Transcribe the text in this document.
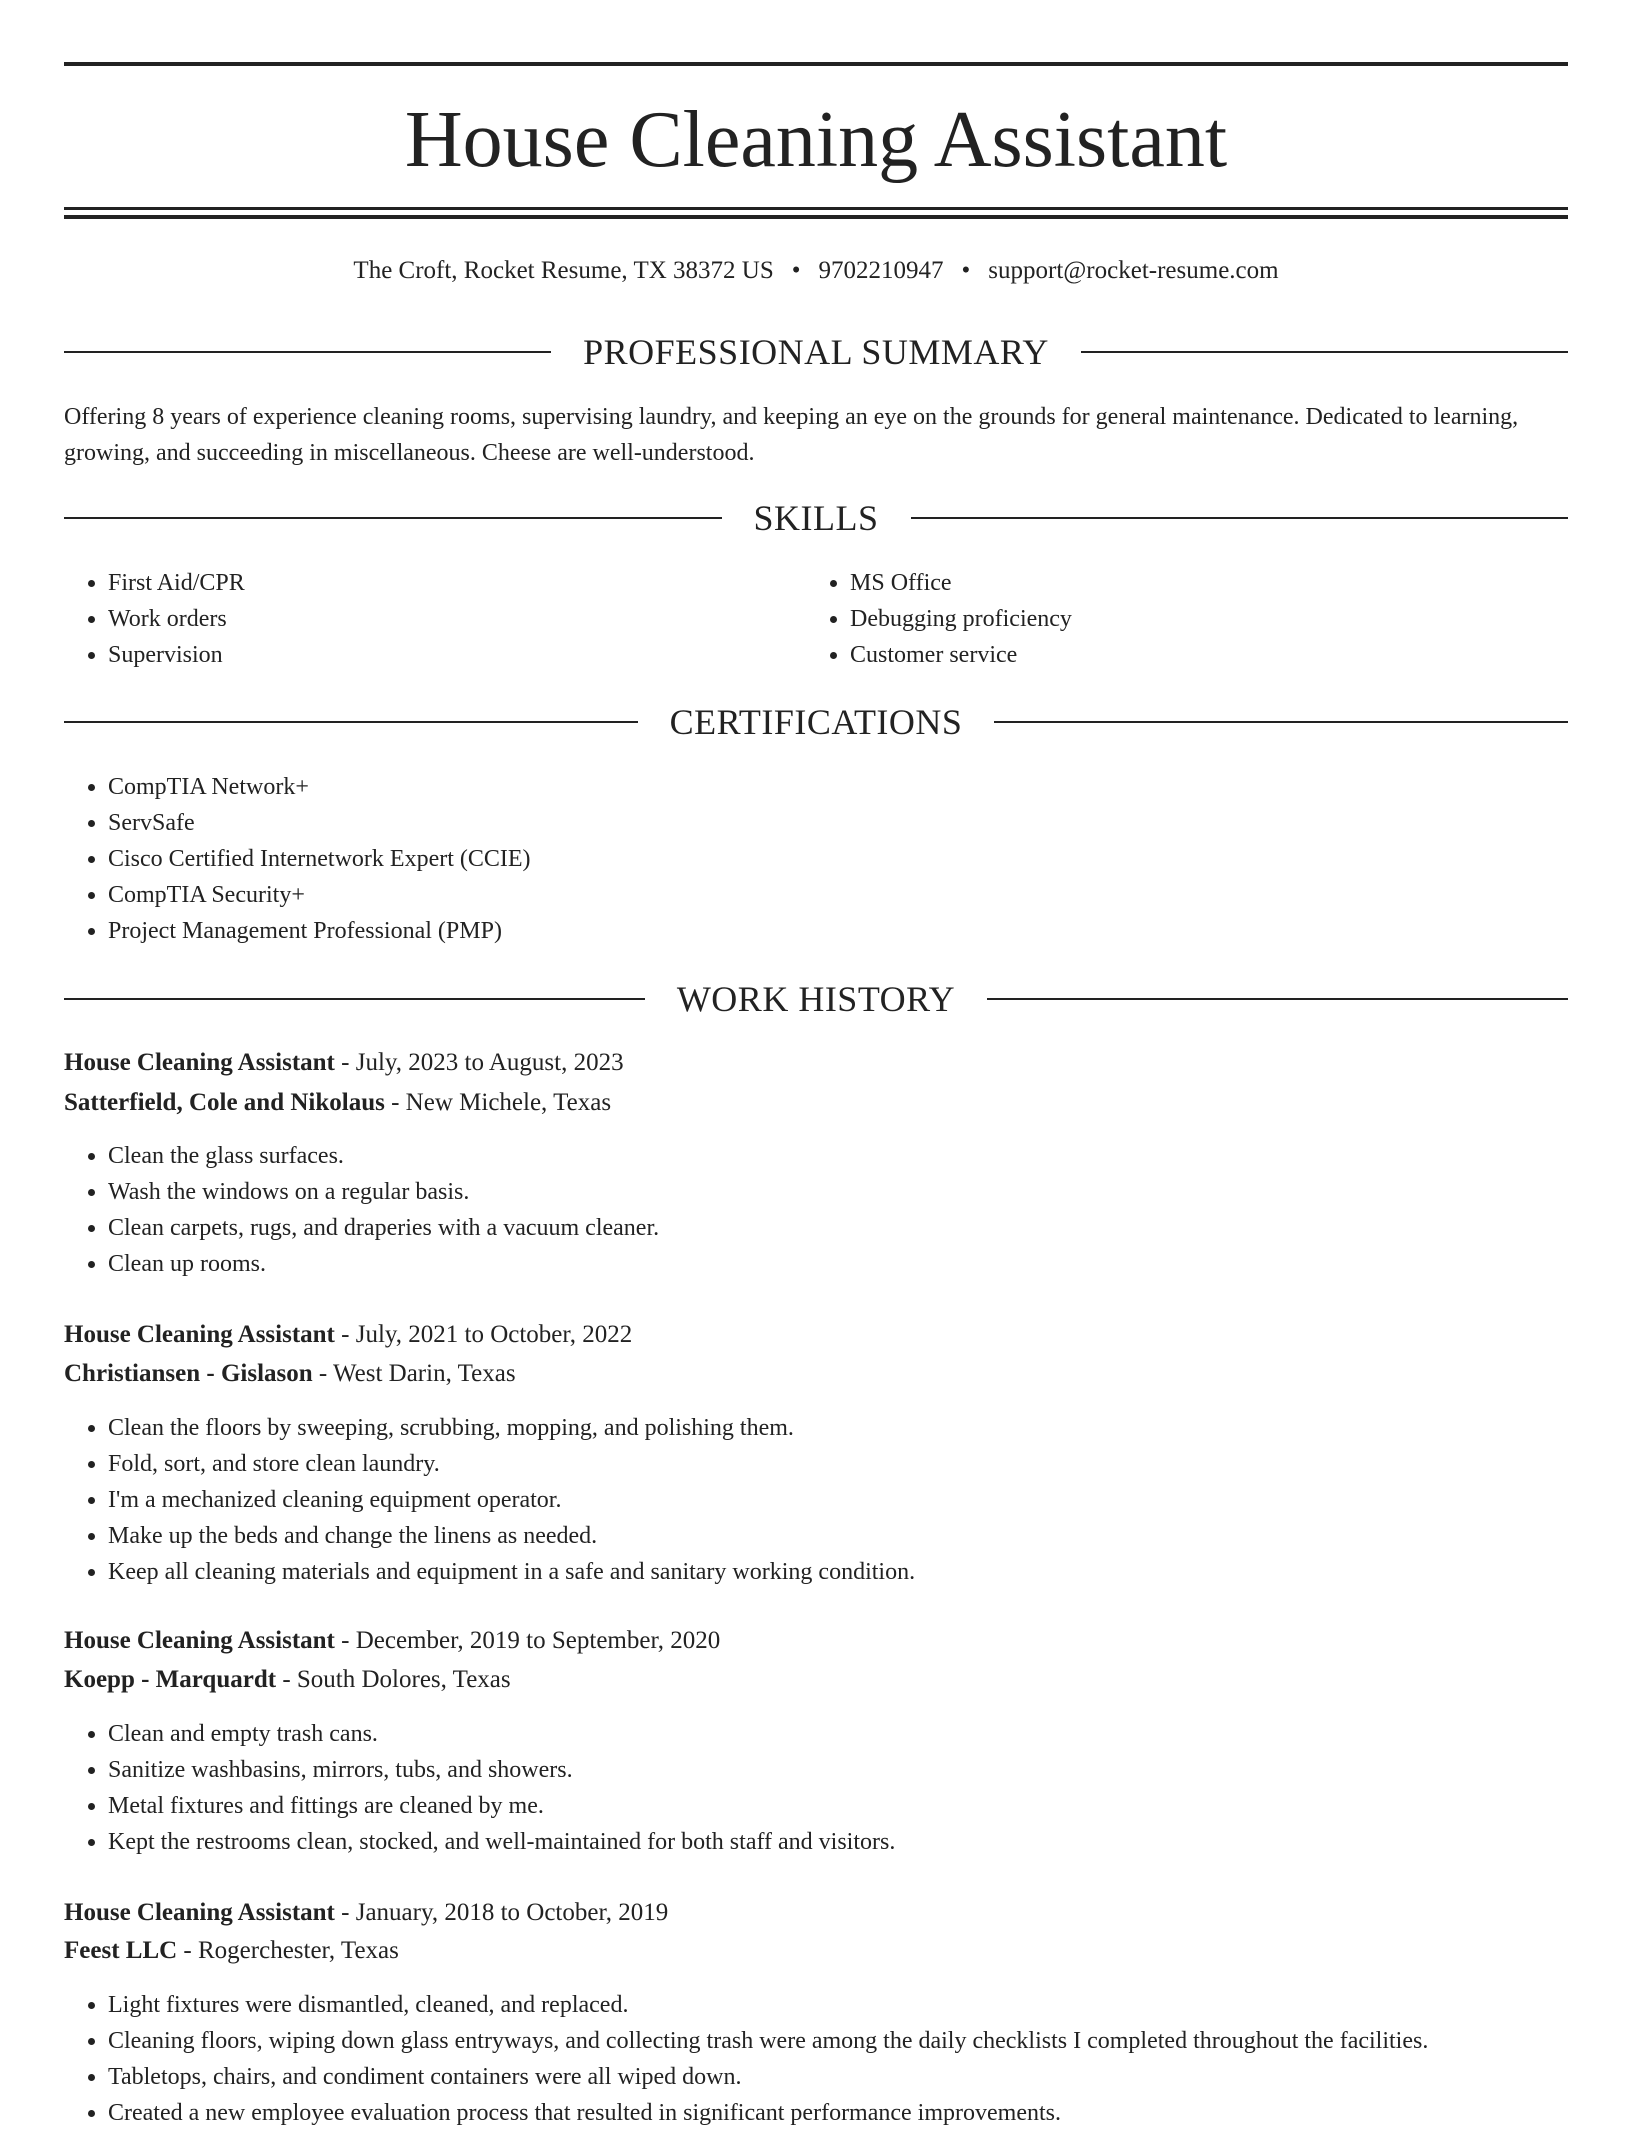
House Cleaning Assistant
The Croft, Rocket Resume, TX 38372 US • 9702210947 • support@rocket-resume.com
PROFESSIONAL SUMMARY

Offering 8 years of experience cleaning rooms, supervising laundry, and keeping an eye on the grounds for general maintenance. Dedicated to learning, growing, and succeeding in miscellaneous. Cheese are well-understood.

SKILLS
• First Aid/CPR
• Work orders
• Supervision
• MS Office
• Debugging proficiency
• Customer service
CERTIFICATIONS
• CompTIA Network+
• ServSafe
• Cisco Certified Internetwork Expert (CCIE)
• CompTIA Security+
• Project Management Professional (PMP)
WORK HISTORY
House Cleaning Assistant - July, 2023 to August, 2023
Satterfield, Cole and Nikolaus - New Michele, Texas
• Clean the glass surfaces.
• Wash the windows on a regular basis.
• Clean carpets, rugs, and draperies with a vacuum cleaner.
• Clean up rooms.
House Cleaning Assistant - July, 2021 to October, 2022
Christiansen - Gislason - West Darin, Texas
• Clean the floors by sweeping, scrubbing, mopping, and polishing them.
• Fold, sort, and store clean laundry.
• I'm a mechanized cleaning equipment operator.
• Make up the beds and change the linens as needed.
• Keep all cleaning materials and equipment in a safe and sanitary working condition.
House Cleaning Assistant - December, 2019 to September, 2020
Koepp - Marquardt - South Dolores, Texas
• Clean and empty trash cans.
• Sanitize washbasins, mirrors, tubs, and showers.
• Metal fixtures and fittings are cleaned by me.
• Kept the restrooms clean, stocked, and well-maintained for both staff and visitors.
House Cleaning Assistant - January, 2018 to October, 2019
Feest LLC - Rogerchester, Texas
• Light fixtures were dismantled, cleaned, and replaced.
• Cleaning floors, wiping down glass entryways, and collecting trash were among the daily checklists I completed throughout the facilities.
• Tabletops, chairs, and condiment containers were all wiped down.
• Created a new employee evaluation process that resulted in significant performance improvements.
